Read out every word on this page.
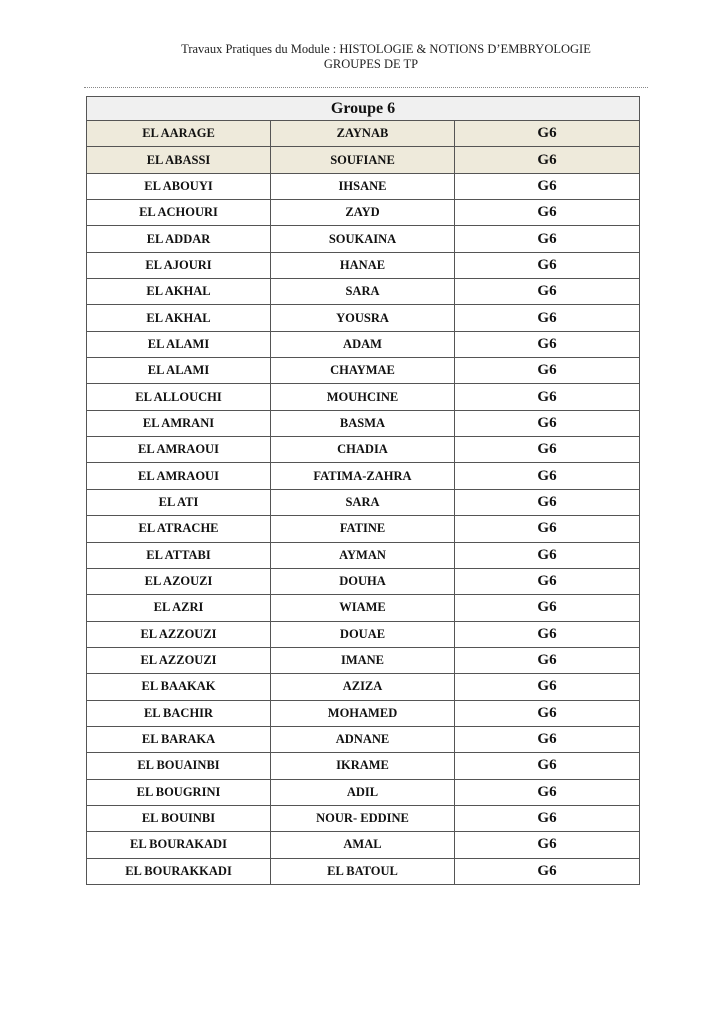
Travaux Pratiques du Module : HISTOLOGIE & NOTIONS D’EMBRYOLOGIE
GROUPES DE TP
Groupe 6		
EL AARAGE	ZAYNAB	G6
EL ABASSI	SOUFIANE	G6
EL ABOUYI	IHSANE	G6
EL ACHOURI	ZAYD	G6
EL ADDAR	SOUKAINA	G6
EL AJOURI	HANAE	G6
EL AKHAL	SARA	G6
EL AKHAL	YOUSRA	G6
EL ALAMI	ADAM	G6
EL ALAMI	CHAYMAE	G6
EL ALLOUCHI	MOUHCINE	G6
EL AMRANI	BASMA	G6
EL AMRAOUI	CHADIA	G6
EL AMRAOUI	FATIMA-ZAHRA	G6
EL ATI	SARA	G6
EL ATRACHE	FATINE	G6
EL ATTABI	AYMAN	G6
EL AZOUZI	DOUHA	G6
EL AZRI	WIAME	G6
EL AZZOUZI	DOUAE	G6
EL AZZOUZI	IMANE	G6
EL BAAKAK	AZIZA	G6
EL BACHIR	MOHAMED	G6
EL BARAKA	ADNANE	G6
EL BOUAINBI	IKRAME	G6
EL BOUGRINI	ADIL	G6
EL BOUINBI	NOUR- EDDINE	G6
EL BOURAKADI	AMAL	G6
EL BOURAKKADI	EL BATOUL	G6
